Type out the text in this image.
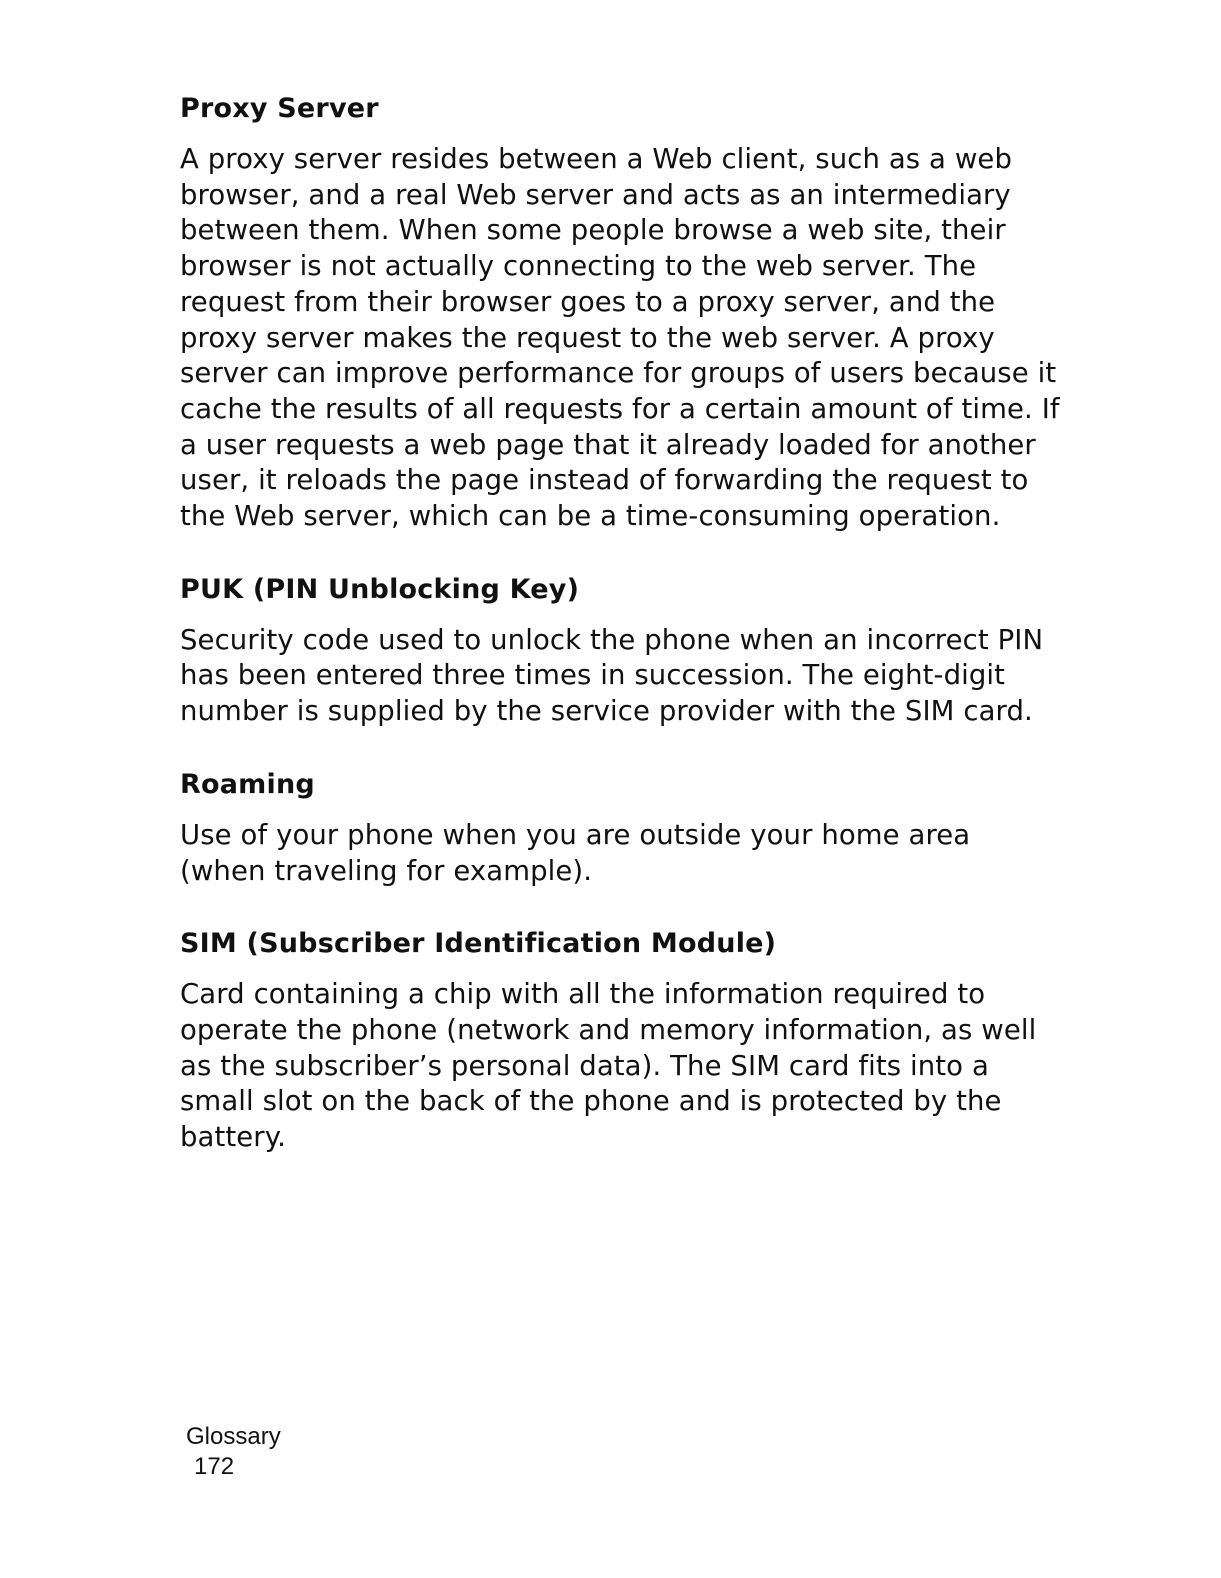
Proxy Server

A proxy server resides between a Web client, such as a web browser, and a real Web server and acts as an intermediary between them. When some people browse a web site, their browser is not actually connecting to the web server. The request from their browser goes to a proxy server, and the proxy server makes the request to the web server. A proxy server can improve performance for groups of users because it cache the results of all requests for a certain amount of time. If a user requests a web page that it already loaded for another user, it reloads the page instead of forwarding the request to the Web server, which can be a time-consuming operation.

PUK (PIN Unblocking Key)

Security code used to unlock the phone when an incorrect PIN has been entered three times in succession. The eight-digit number is supplied by the service provider with the SIM card.

Roaming

Use of your phone when you are outside your home area (when traveling for example).

SIM (Subscriber Identification Module)

Card containing a chip with all the information required to operate the phone (network and memory information, as well as the subscriber’s personal data). The SIM card fits into a small slot on the back of the phone and is protected by the battery.

Glossary
172
